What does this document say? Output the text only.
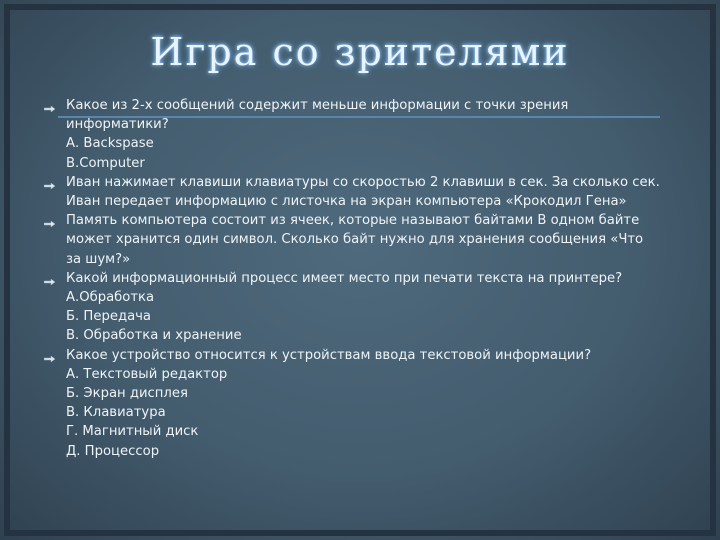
Игра со зрителями
Какое из 2-х сообщений содержит меньше информации с точки зрения
информатики?
А. Backspase
B.Computer
Иван нажимает клавиши клавиатуры со скоростью 2 клавиши в сек. За сколько сек.
Иван передает информацию с листочка на экран компьютера «Крокодил Гена»
Память компьютера состоит из ячеек, которые называют байтами В одном байте
может хранится один символ. Сколько байт нужно для хранения сообщения «Что
за шум?»
Какой информационный процесс имеет место при печати текста на принтере?
А.Обработка
Б. Передача
В. Обработка и хранение
Какое устройство относится к устройствам ввода текстовой информации?
А. Текстовый редактор
Б. Экран дисплея
В. Клавиатура
Г. Магнитный диск
Д. Процессор
